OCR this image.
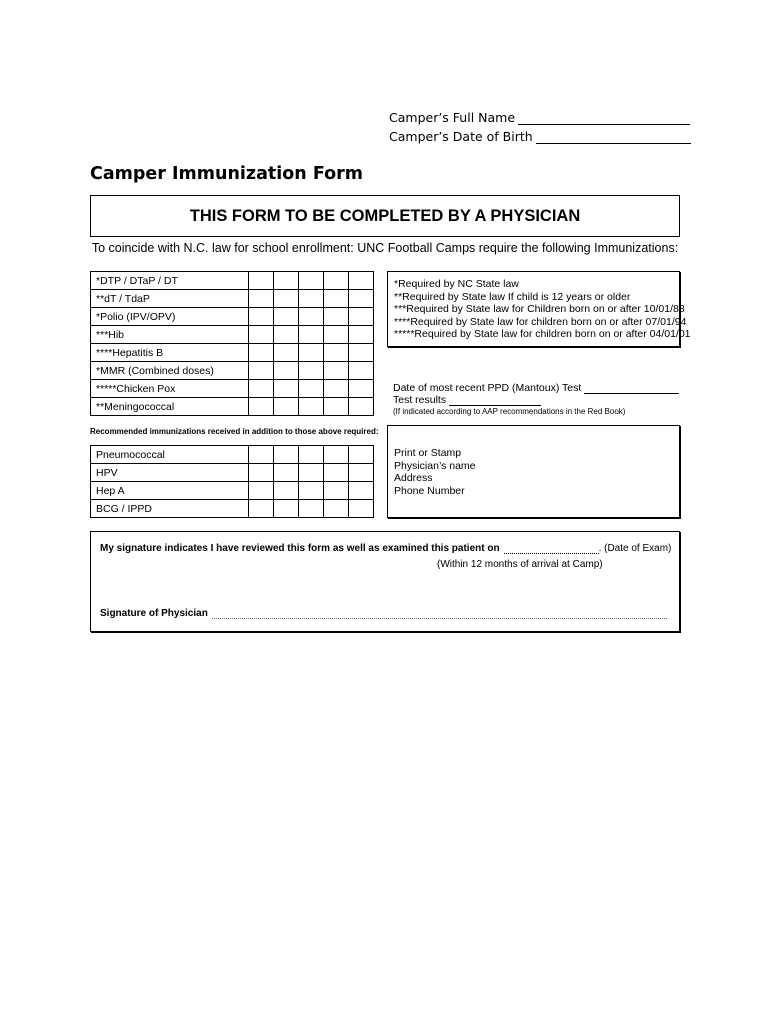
Camper’s Full Name
Camper’s Date of Birth
Camper Immunization Form
THIS FORM TO BE COMPLETED BY A PHYSICIAN
To coincide with N.C. law for school enrollment: UNC Football Camps require the following Immunizations:
*DTP / DTaP / DT					
**dT / TdaP					
*Polio (IPV/OPV)					
***Hib					
****Hepatitis B					
*MMR (Combined doses)					
*****Chicken Pox					
**Meningococcal					
*Required by NC State law
**Required by State law If child is 12 years or older
***Required by State law for Children born on or after 10/01/88
****Required by State law for children born on or after 07/01/94
*****Required by State law for children born on or after 04/01/01
Date of most recent PPD (Mantoux) Test
Test results
(If indicated according to AAP recommendations in the Red Book)
Recommended immunizations received in addition to those above required:
Pneumococcal					
HPV					
Hep A					
BCG / IPPD					
Print or Stamp
Physician’s name
Address
Phone Number
My signature indicates I have reviewed this form as well as examined this patient on	. (Date of Exam)
(Within 12 months of arrival at Camp)
Signature of Physician
